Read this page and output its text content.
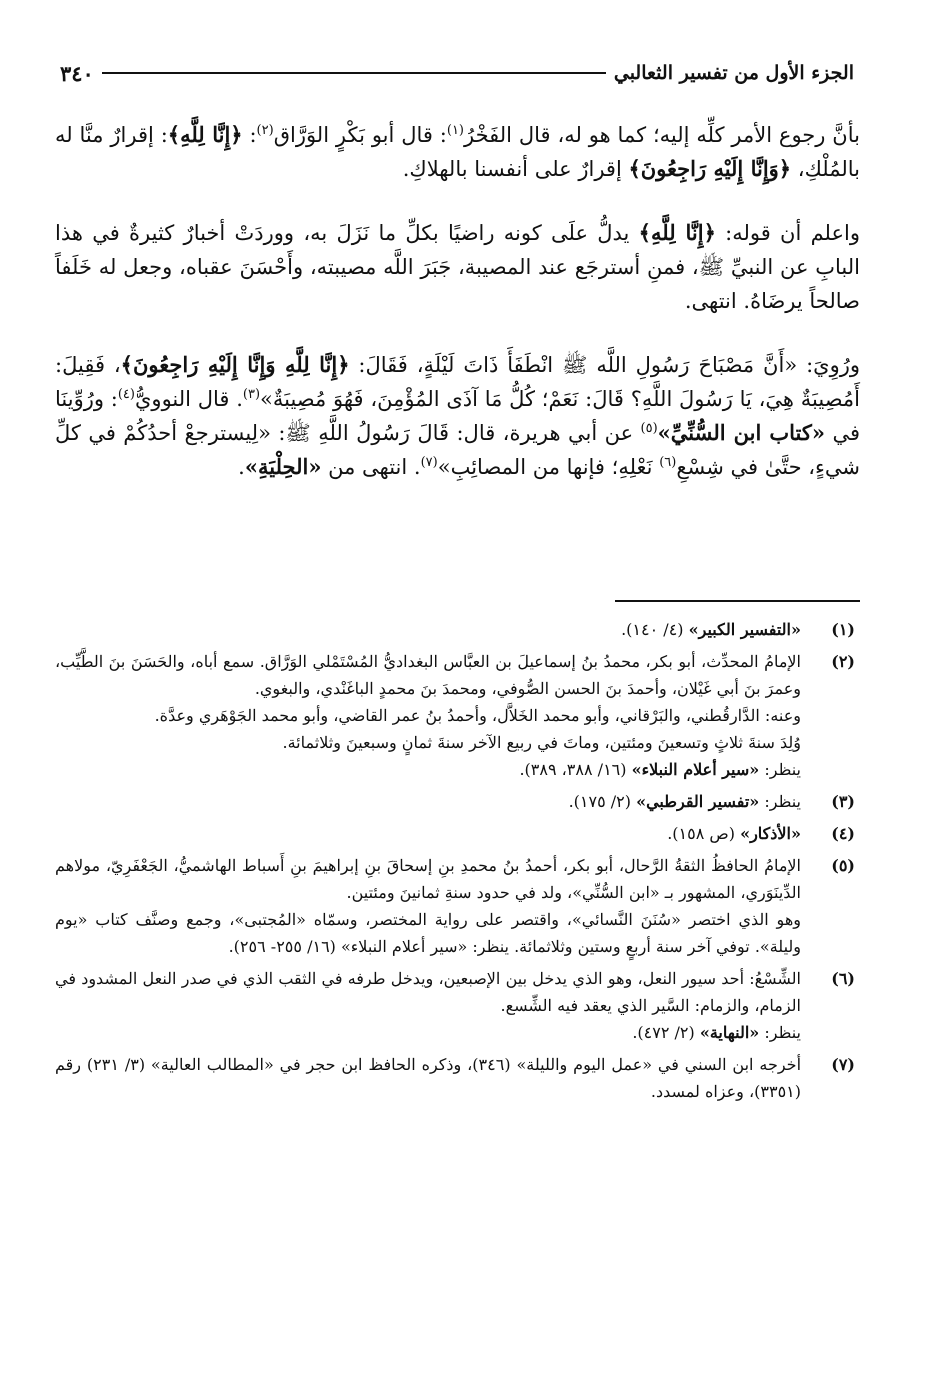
الجزء الأول من تفسير الثعالبي
٣٤٠

بأنَّ رجوع الأمر كلِّه إليه؛ كما هو له، قال الفَخْرُ$^{(١)}$: قال أبو بَكْرٍ الوَرَّاق$^{(٢)}$: ﴿إِنَّا لِلَّهِ﴾: إقرارٌ منَّا له بالمُلْكِ، ﴿وَإِنَّا إِلَيْهِ رَاجِعُونَ﴾ إقرارٌ على أنفسنا بالهلاكِ.

واعلم أن قوله: ﴿إِنَّا لِلَّهِ﴾ يدلُّ علَى كونه راضيًا بكلِّ ما نَزَلَ به، ووردَتْ أخبارٌ كثيرةٌ في هذا البابِ عن النبيِّ ﷺ، فمنِ أسترجَع عند المصيبة، جَبَرَ اللَّه مصيبته، وأَحْسَنَ عقباه، وجعل له خَلَفاً صالحاً يرضَاهُ. انتهى.

ورُوِيَ: «أَنَّ مَصْبَاحَ رَسُولِ اللَّه ﷺ انْطَفَأَ ذَاتَ لَيْلَةٍ، فَقَالَ: ﴿إِنَّا لِلَّهِ وَإِنَّا إِلَيْهِ رَاجِعُونَ﴾، فَقِيلَ: أَمُصِيبَةٌ هِيَ، يَا رَسُولَ اللَّهِ؟ قَالَ: نَعَمْ؛ كُلُّ مَا آذَى المُؤْمِنَ، فَهُوَ مُصِيبَةٌ»$^{(٣)}$. قال النوويُّ$^{(٤)}$: ورُوِّينَا في «كتاب ابن السُّنِّيِّ»$^{(٥)}$ عن أبي هريرة، قال: قَالَ رَسُولُ اللَّهِ ﷺ: «لِيسترجعْ أحدُكُمْ في كلِّ شيءٍ، حتَّىٰ في شِسْعِ$^{(٦)}$ نَعْلِهِ؛ فإنها من المصائِبِ»$^{(٧)}$. انتهى من «الحِلْيَةِ».

(١)

«التفسير الكبير» (٤/ ١٤٠).

(٢)

الإمامُ المحدِّث، أبو بكر، محمدُ بنُ إسماعيلَ بن العبَّاس البغداديُّ المُسْتَمْلي الوَرَّاق. سمع أباه، والحَسَنَ بنَ الطَّيِّب، وعمرَ بنَ أبي غَيْلان، وأحمدَ بنَ الحسن الصُّوفي، ومحمدَ بنَ محمدٍ الباغَنْدي، والبغوي.

وعنه: الدَّارقُطني، والبَرْقاني، وأبو محمد الخَلاَّل، وأحمدُ بنُ عمر القاضي، وأبو محمد الجَوْهَري وعدَّة.

وُلِدَ سنةَ ثلاثٍ وتسعينَ ومئتين، وماتَ في ربيع الآخر سنةَ ثمانٍ وسبعينَ وثلاثمائة.

ينظر: «سير أعلام النبلاء» (١٦/ ٣٨٨، ٣٨٩).

(٣)

ينظر: «تفسير القرطبي» (٢/ ١٧٥).

(٤)

«الأذكار» (ص ١٥٨).

(٥)

الإمامُ الحافظُ الثقةُ الرَّحال، أبو بكر، أحمدُ بنُ محمدِ بنِ إسحاقَ بنِ إبراهيمَ بنِ أَسباط الهاشميُّ، الجَعْفَرِيّ، مولاهم الدِّينَوَري، المشهور بـ «ابن السُّنِّي»، ولد في حدود سنةِ ثمانينَ ومئتين.

وهو الذي اختصر «سُنَنَ النَّسائي»، واقتصر على رواية المختصر، وسمّاه «المُجتبى»، وجمع وصنَّف كتاب «يوم وليلة». توفي آخر سنة أربعٍ وستين وثلاثمائة. ينظر: «سير أعلام النبلاء» (١٦/ ٢٥٥- ٢٥٦).

(٦)

الشِّسْعُ: أحد سيور النعل، وهو الذي يدخل بين الإصبعين، ويدخل طرفه في الثقب الذي في صدر النعل المشدود في الزمام، والزمام: السَّير الذي يعقد فيه الشِّسع.

ينظر: «النهاية» (٢/ ٤٧٢).

(٧)

أخرجه ابن السني في «عمل اليوم والليلة» (٣٤٦)، وذكره الحافظ ابن حجر في «المطالب العالية» (٣/ ٢٣١) رقم (٣٣٥١)، وعزاه لمسدد.
